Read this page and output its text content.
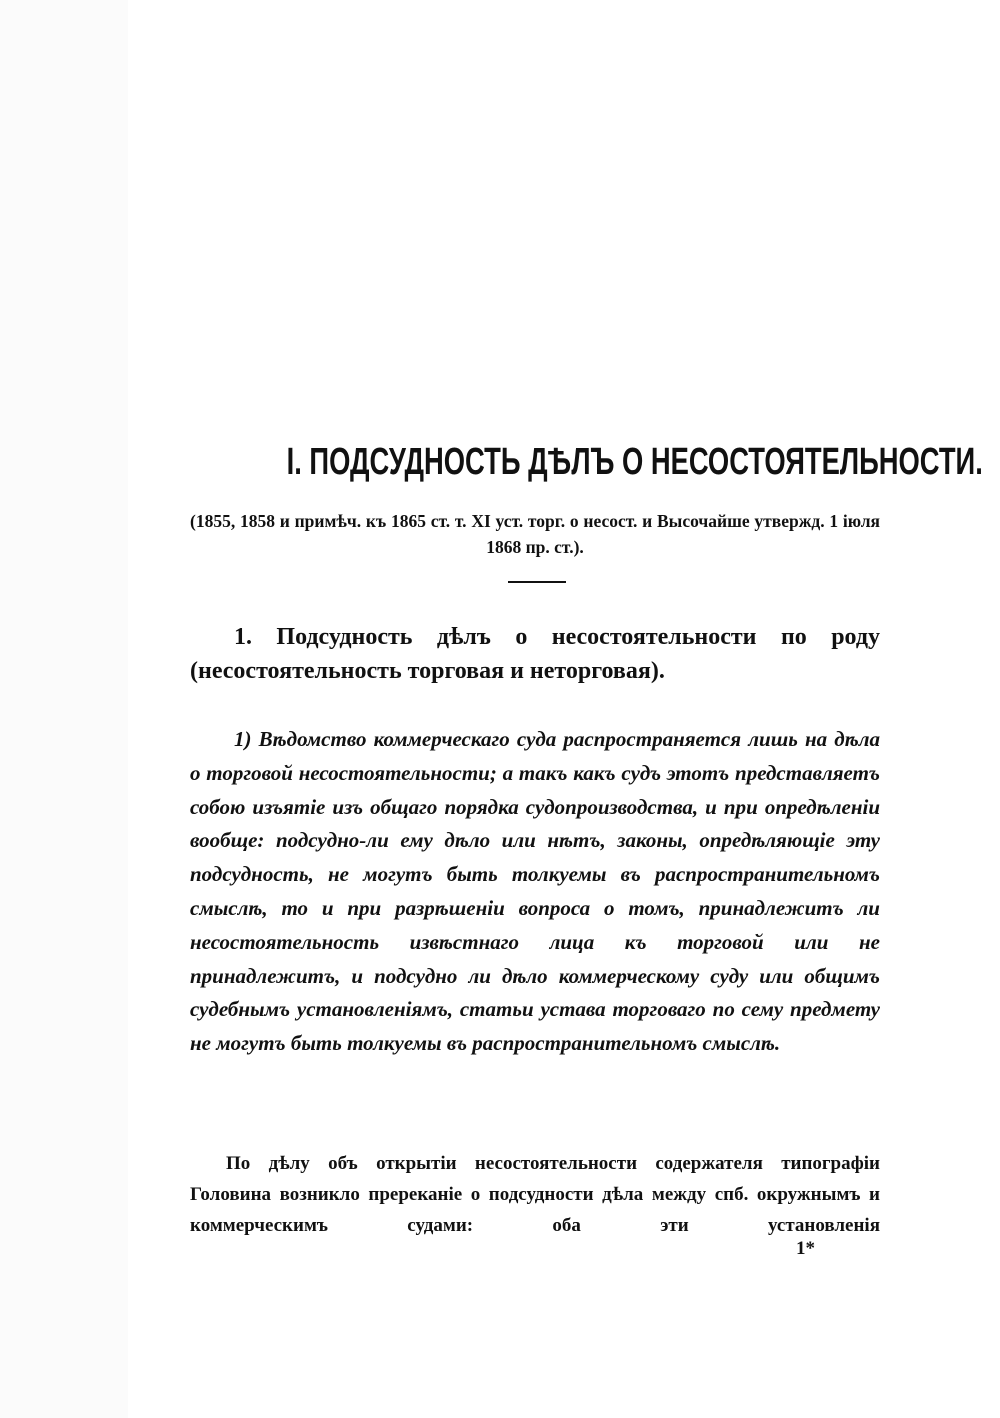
I. ПОДСУДНОСТЬ ДѢЛЪ О НЕСОСТОЯТЕЛЬНОСТИ.
(1855, 1858 и примѣч. къ 1865 ст. т. XI уст. торг. о несост. и Высочайше утвержд. 1 іюля 1868 пр. ст.).
1. Подсудность дѣлъ о несостоятельности по роду (несостоятельность торговая и неторговая).
1) Вѣдомство коммерческаго суда распространяется лишь на дѣла о торговой несостоятельности; а такъ какъ судъ этотъ представляетъ собою изъятіе изъ общаго порядка судопроизводства, и при опредѣленіи вообще: подсудно-ли ему дѣло или нѣтъ, законы, опредѣляющіе эту подсудность, не могутъ быть толкуемы въ распространительномъ смыслѣ, то и при разрѣшеніи вопроса о томъ, принадлежитъ ли несостоятельность извѣстнаго лица къ торговой или не принадлежитъ, и подсудно ли дѣло коммерческому суду или общимъ судебнымъ установленіямъ, статьи устава торговаго по сему предмету не могутъ быть толкуемы въ распространительномъ смыслѣ.
По дѣлу объ открытіи несостоятельности содержателя типографіи Головина возникло пререканіе о подсудности дѣла между спб. окружнымъ и коммерческимъ судами: оба эти установленія
1*
